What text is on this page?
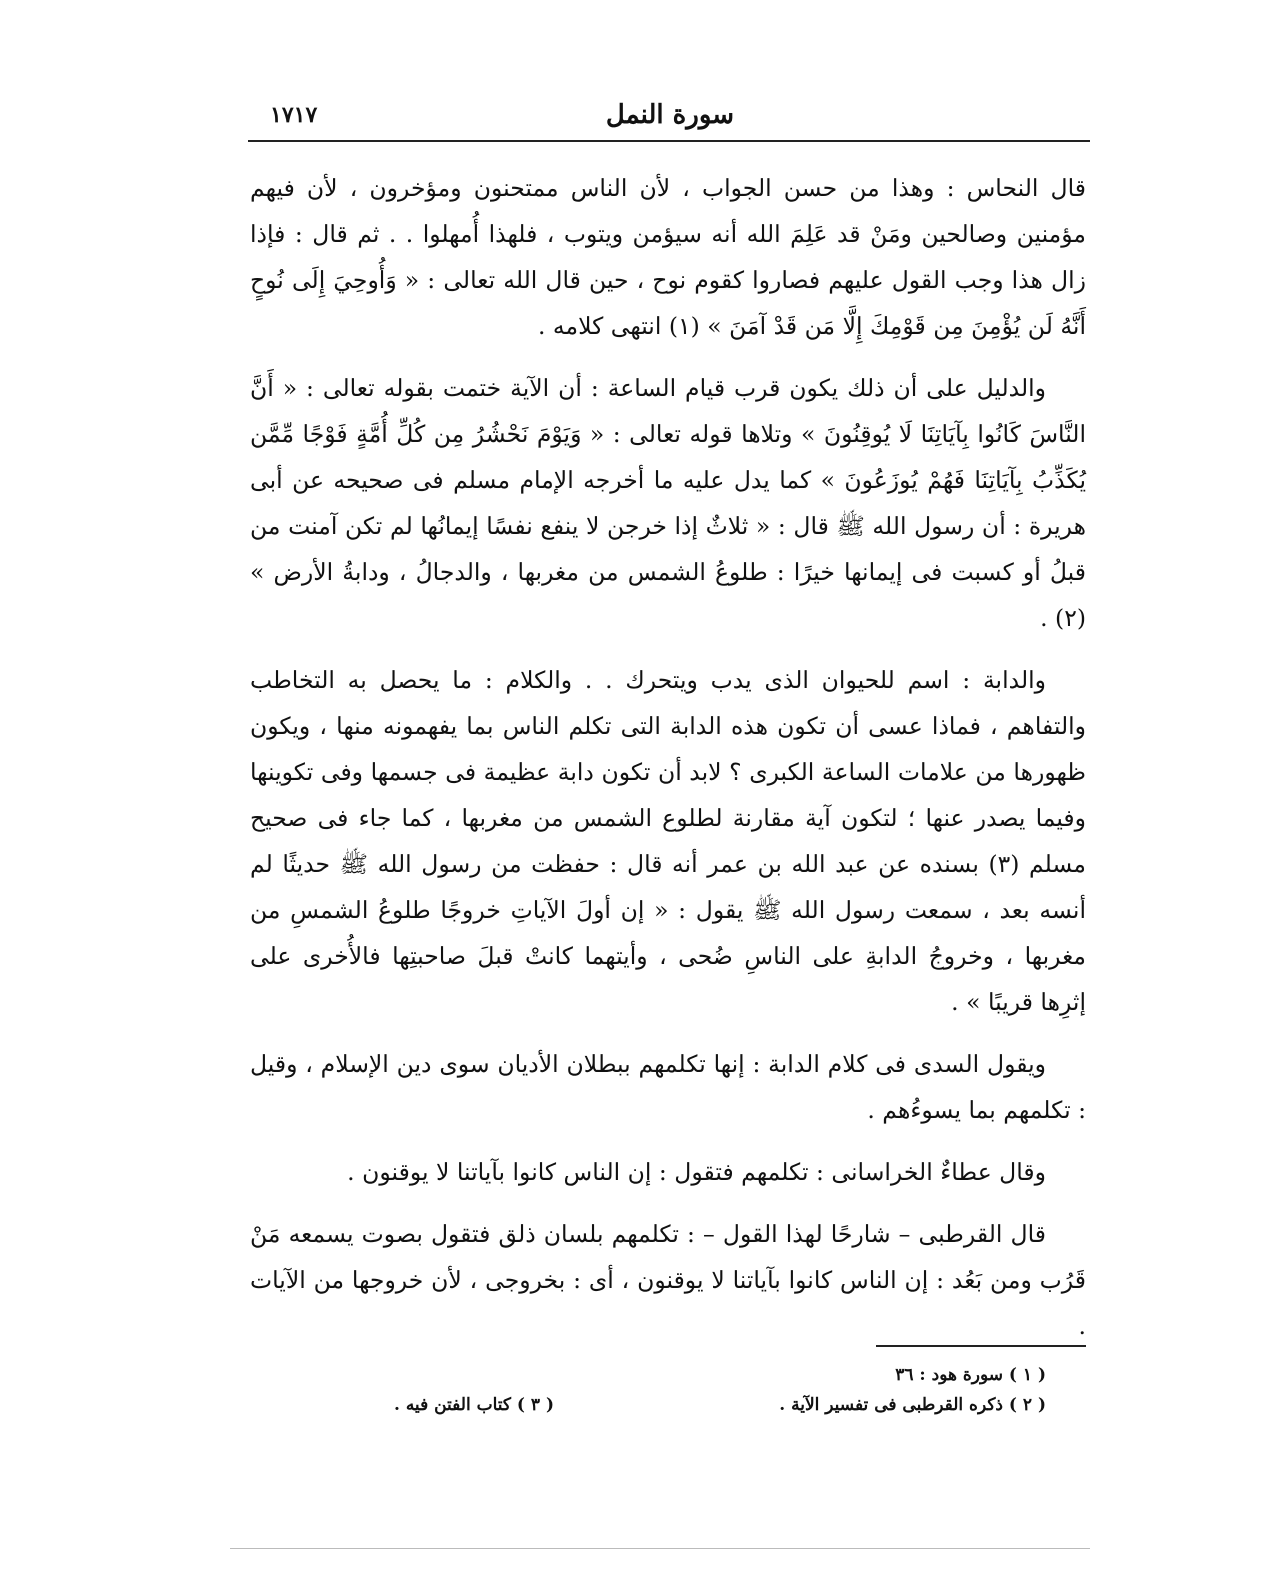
سورة النمل
١٧١٧

قال النحاس : وهذا من حسن الجواب ، لأن الناس ممتحنون ومؤخرون ، لأن فيهم مؤمنين وصالحين ومَنْ قد عَلِمَ الله أنه سيؤمن ويتوب ، فلهذا أُمهلوا . . ثم قال : فإذا زال هذا وجب القول عليهم فصاروا كقوم نوح ، حين قال الله تعالى : « وَأُوحِيَ إِلَى نُوحٍ أَنَّهُ لَن يُؤْمِنَ مِن قَوْمِكَ إِلَّا مَن قَدْ آمَنَ » (١) انتهى كلامه .

والدليل على أن ذلك يكون قرب قيام الساعة : أن الآية ختمت بقوله تعالى : « أَنَّ النَّاسَ كَانُوا بِآيَاتِنَا لَا يُوقِنُونَ » وتلاها قوله تعالى : « وَيَوْمَ نَحْشُرُ مِن كُلِّ أُمَّةٍ فَوْجًا مِّمَّن يُكَذِّبُ بِآيَاتِنَا فَهُمْ يُوزَعُونَ » كما يدل عليه ما أخرجه الإمام مسلم فى صحيحه عن أبى هريرة : أن رسول الله ﷺ قال : « ثلاثٌ إذا خرجن لا ينفع نفسًا إيمانُها لم تكن آمنت من قبلُ أو كسبت فى إيمانها خيرًا : طلوعُ الشمس من مغربها ، والدجالُ ، ودابةُ الأرض » (٢) .

والدابة : اسم للحيوان الذى يدب ويتحرك . . والكلام : ما يحصل به التخاطب والتفاهم ، فماذا عسى أن تكون هذه الدابة التى تكلم الناس بما يفهمونه منها ، ويكون ظهورها من علامات الساعة الكبرى ؟ لابد أن تكون دابة عظيمة فى جسمها وفى تكوينها وفيما يصدر عنها ؛ لتكون آية مقارنة لطلوع الشمس من مغربها ، كما جاء فى صحيح مسلم (٣) بسنده عن عبد الله بن عمر أنه قال : حفظت من رسول الله ﷺ حديثًا لم أنسه بعد ، سمعت رسول الله ﷺ يقول : « إن أولَ الآياتِ خروجًا طلوعُ الشمسِ من مغربها ، وخروجُ الدابةِ على الناسِ ضُحى ، وأيتهما كانتْ قبلَ صاحبتِها فالأُخرى على إثرِها قريبًا » .

ويقول السدى فى كلام الدابة : إنها تكلمهم ببطلان الأديان سوى دين الإسلام ، وقيل : تكلمهم بما يسوءُهم .

وقال عطاءٌ الخراسانى : تكلمهم فتقول : إن الناس كانوا بآياتنا لا يوقنون .

قال القرطبى – شارحًا لهذا القول – : تكلمهم بلسان ذلق فتقول بصوت يسمعه مَنْ قَرُب ومن بَعُد : إن الناس كانوا بآياتنا لا يوقنون ، أى : بخروجى ، لأن خروجها من الآيات .

( ١ ) سورة هود : ٣٦
( ٢ ) ذكره القرطبى فى تفسير الآية .
( ٣ ) كتاب الفتن فيه .
